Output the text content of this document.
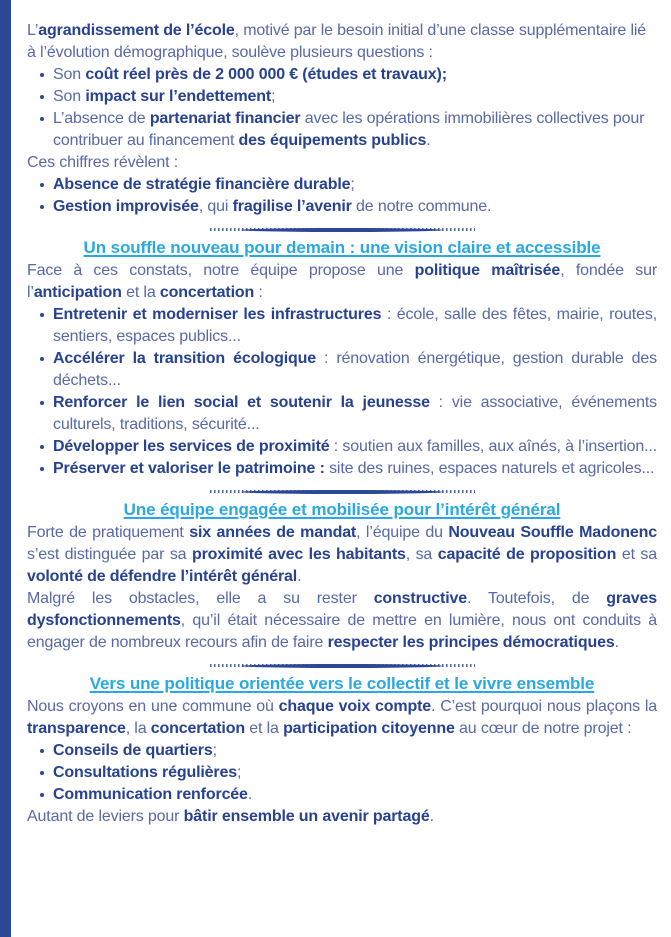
L’agrandissement de l’école, motivé par le besoin initial d’une classe supplémentaire lié à l’évolution démographique, soulève plusieurs questions :

Son coût réel près de 2 000 000 € (études et travaux);
Son impact sur l’endettement;
L’absence de partenariat financier avec les opérations immobilières collectives pour contribuer au financement des équipements publics.

Ces chiffres révèlent :

Absence de stratégie financière durable;
Gestion improvisée, qui fragilise l’avenir de notre commune.
Un souffle nouveau pour demain : une vision claire et accessible

Face à ces constats, notre équipe propose une politique maîtrisée, fondée sur l’anticipation et la concertation :

Entretenir et moderniser les infrastructures : école, salle des fêtes, mairie, routes, sentiers, espaces publics...
Accélérer la transition écologique : rénovation énergétique, gestion durable des déchets...
Renforcer le lien social et soutenir la jeunesse : vie associative, événements culturels, traditions, sécurité...
Développer les services de proximité : soutien aux familles, aux aînés, à l’insertion...
Préserver et valoriser le patrimoine : site des ruines, espaces naturels et agricoles...
Une équipe engagée et mobilisée pour l’intérêt général

Forte de pratiquement six années de mandat, l’équipe du Nouveau Souffle Madonenc s’est distinguée par sa proximité avec les habitants, sa capacité de proposition et sa volonté de défendre l’intérêt général.

Malgré les obstacles, elle a su rester constructive. Toutefois, de graves dysfonctionnements, qu’il était nécessaire de mettre en lumière, nous ont conduits à engager de nombreux recours afin de faire respecter les principes démocratiques.

Vers une politique orientée vers le collectif et le vivre ensemble

Nous croyons en une commune où chaque voix compte. C’est pourquoi nous plaçons la transparence, la concertation et la participation citoyenne au cœur de notre projet :

Conseils de quartiers;
Consultations régulières;
Communication renforcée.

Autant de leviers pour bâtir ensemble un avenir partagé.
